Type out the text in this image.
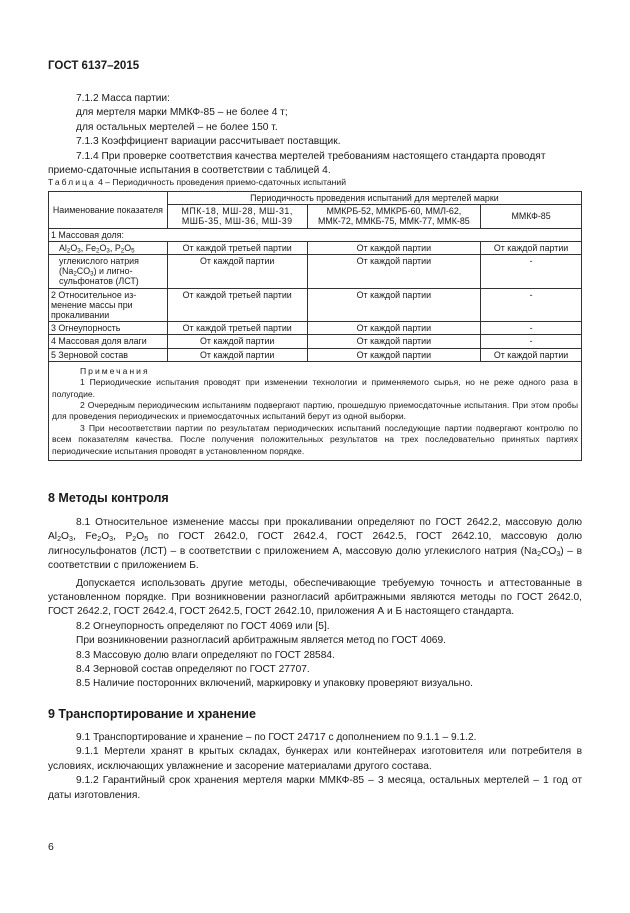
ГОСТ 6137–2015
7.1.2 Масса партии:
для мертеля марки ММКФ-85 – не более 4 т;
для остальных мертелей – не более 150 т.
7.1.3 Коэффициент вариации рассчитывает поставщик.
7.1.4 При проверке соответствия качества мертелей требованиям настоящего стандарта проводят
приемо-сдаточные испытания в соответствии с таблицей 4.
Таблица 4 – Периодичность проведения приемо-сдаточных испытаний
Наименование показателя	Периодичность проведения испытаний для мертелей марки		
	МПК-18, МШ-28, МШ-31, МШБ-35, МШ-36, МШ-39	ММКРБ-52, ММКРБ-60, ММЛ-62, ММК-72, ММКБ-75, ММК-77, ММК-85	ММКФ-85
1 Массовая доля:			
$Al_2O_3$, $Fe_2O_3$, $P_2O_5$	От каждой третьей партии	От каждой партии	От каждой партии
углекислого натрия $(Na_2CO_3)$ и лигно-сульфонатов (ЛСТ)	От каждой партии	От каждой партии	-
2 Относительное из-менение массы при прокаливании	От каждой третьей партии	От каждой партии	-
3 Огнеупорность	От каждой третьей партии	От каждой партии	-
4 Массовая доля влаги	От каждой партии	От каждой партии	-
5 Зерновой состав	От каждой партии	От каждой партии	От каждой партии

Примечания
1 Периодические испытания проводят при изменении технологии и применяемого сырья, но не реже одного раза в полугодие.
2 Очередным периодическим испытаниям подвергают партию, прошедшую приемосдаточные испытания. При этом пробы для проведения периодических и приемосдаточных испытаний берут из одной выборки.
3 При несоответствии партии по результатам периодических испытаний последующие партии подвергают контролю по всем показателям качества. После получения положительных результатов на трех последовательно принятых партиях периодические испытания проводят в установленном порядке.			
8 Методы контроля
8.1 Относительное изменение массы при прокаливании определяют по ГОСТ 2642.2, массовую долю $Al_2O_3$, $Fe_2O_3$, $P_2O_5$ по ГОСТ 2642.0, ГОСТ 2642.4, ГОСТ 2642.5, ГОСТ 2642.10, массовую долю лигносульфонатов (ЛСТ) – в соответствии с приложением А, массовую долю углекислого натрия $(Na_2CO_3)$ – в соответствии с приложением Б.
Допускается использовать другие методы, обеспечивающие требуемую точность и аттестованные в установленном порядке. При возникновении разногласий арбитражными являются методы по ГОСТ 2642.0, ГОСТ 2642.2, ГОСТ 2642.4, ГОСТ 2642.5, ГОСТ 2642.10, приложения А и Б настоящего стандарта.
8.2 Огнеупорность определяют по ГОСТ 4069 или [5].
При возникновении разногласий арбитражным является метод по ГОСТ 4069.
8.3 Массовую долю влаги определяют по ГОСТ 28584.
8.4 Зерновой состав определяют по ГОСТ 27707.
8.5 Наличие посторонних включений, маркировку и упаковку проверяют визуально.
9 Транспортирование и хранение
9.1 Транспортирование и хранение – по ГОСТ 24717 с дополнением по 9.1.1 – 9.1.2.
9.1.1 Мертели хранят в крытых складах, бункерах или контейнерах изготовителя или потребителя в условиях, исключающих увлажнение и засорение материалами другого состава.
9.1.2 Гарантийный срок хранения мертеля марки ММКФ-85 – 3 месяца, остальных мертелей – 1 год от даты изготовления.
6
